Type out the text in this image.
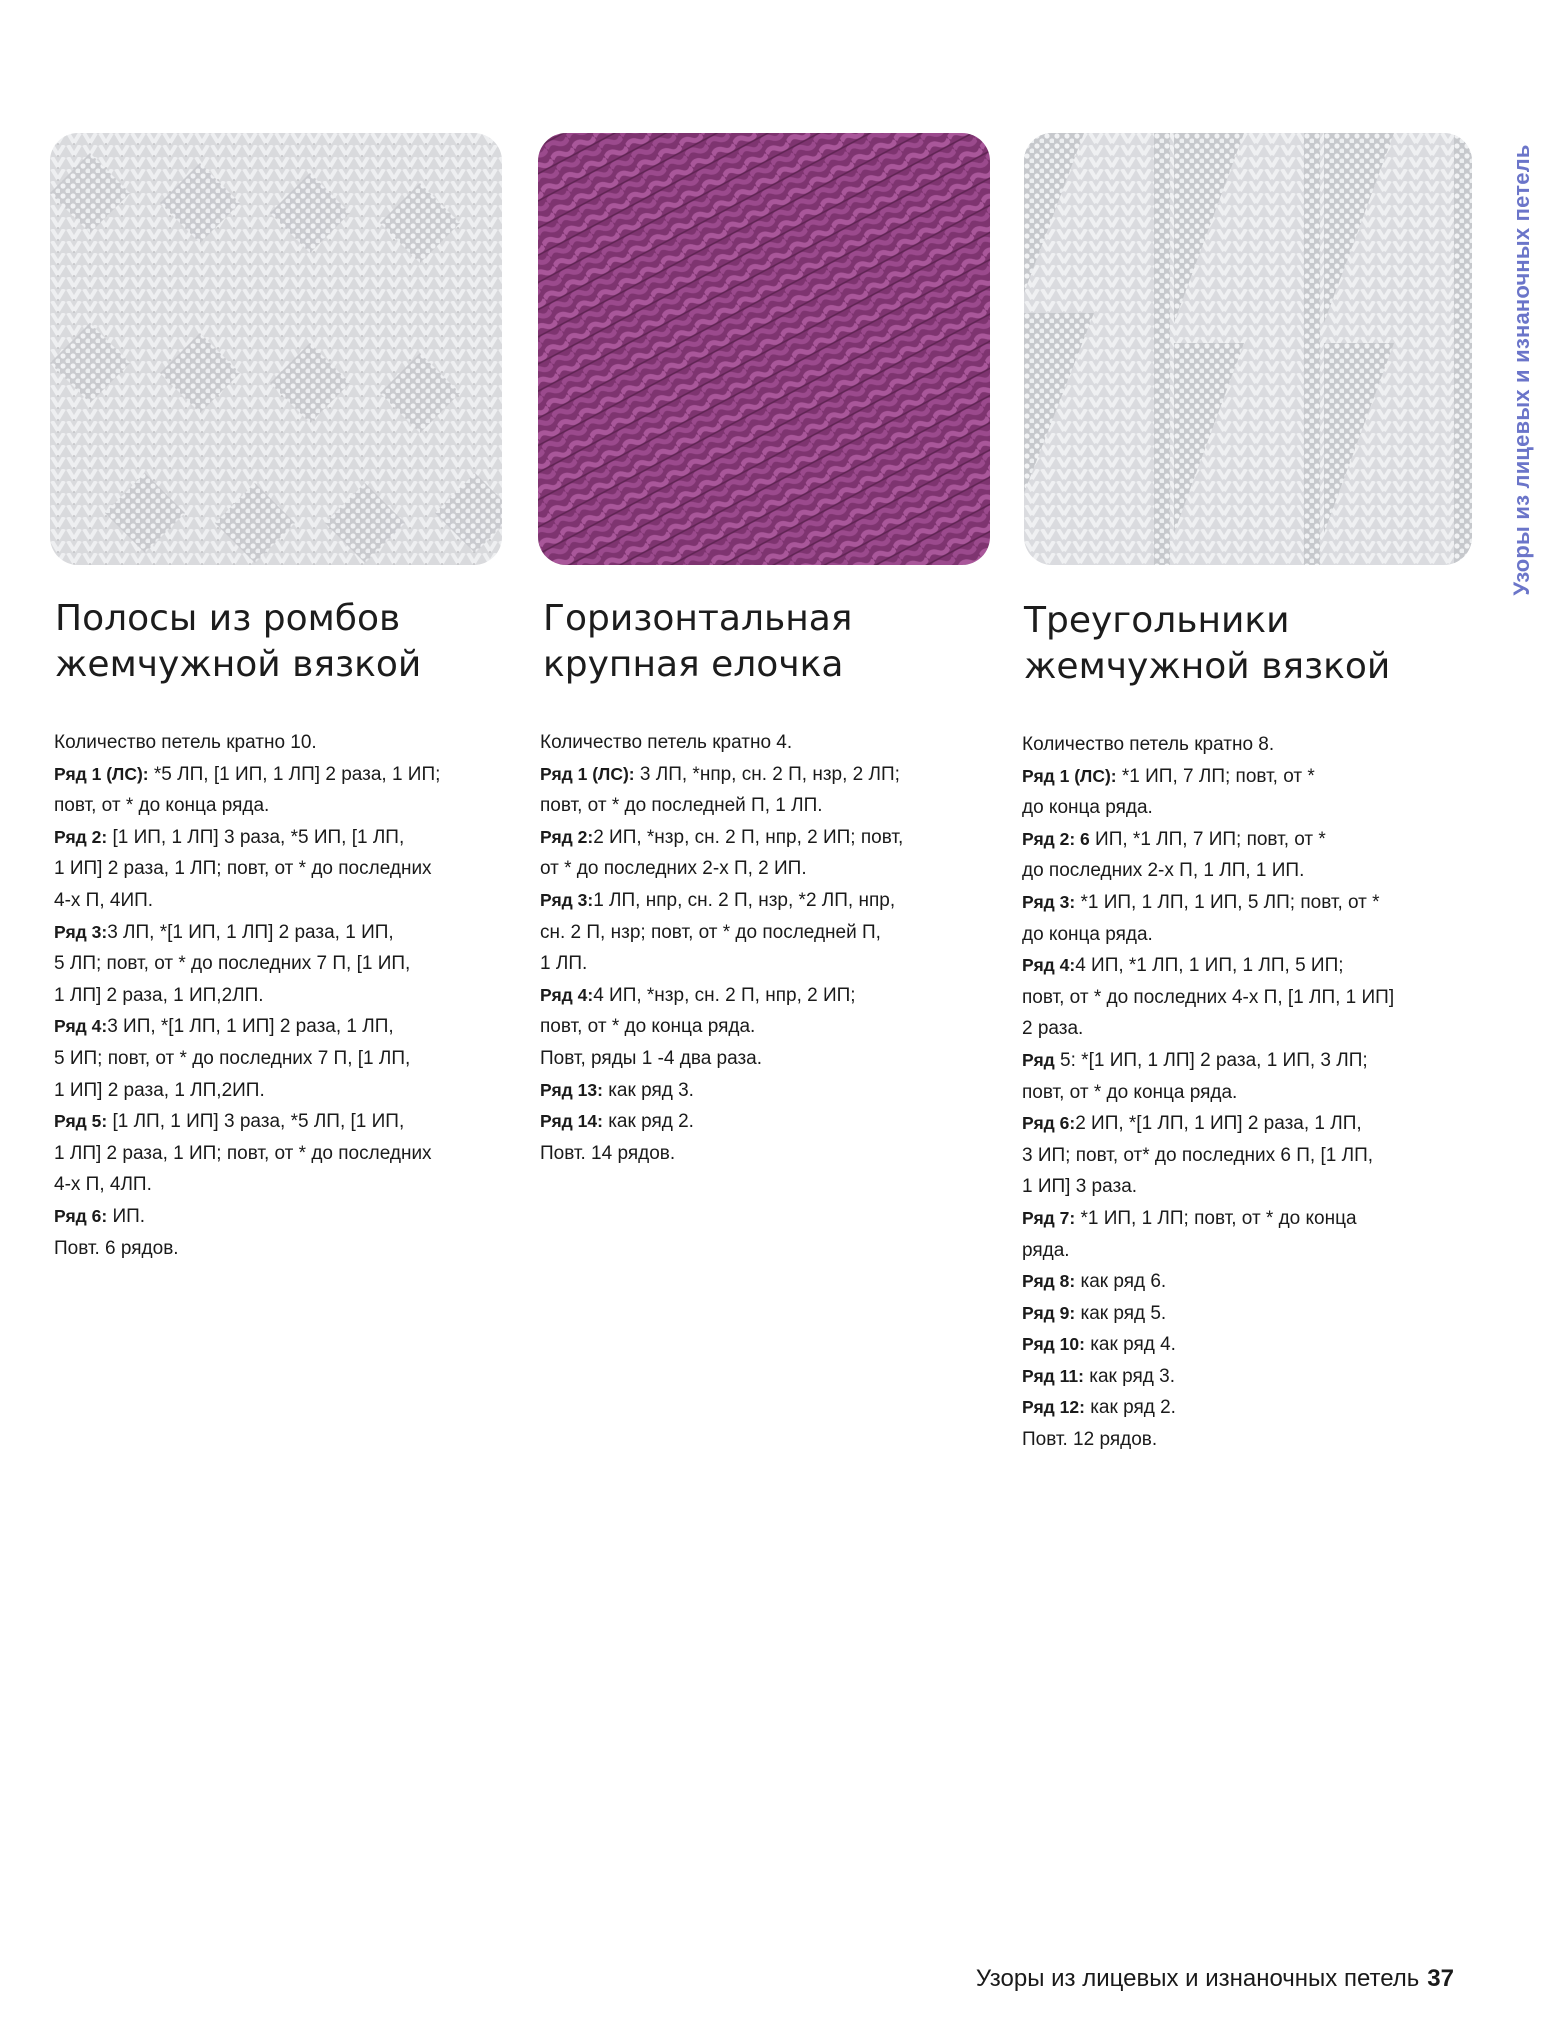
Полосы из ромбов
жемчужной вязкой
Количество петель кратно 10.
Ряд 1 (ЛС): *5 ЛП, [1 ИП, 1 ЛП] 2 раза, 1 ИП;
повт, от * до конца ряда.
Ряд 2: [1 ИП, 1 ЛП] 3 раза, *5 ИП, [1 ЛП,
1 ИП] 2 раза, 1 ЛП; повт, от * до последних
4-х П, 4ИП.
Ряд 3:3 ЛП, *[1 ИП, 1 ЛП] 2 раза, 1 ИП,
5 ЛП; повт, от * до последних 7 П, [1 ИП,
1 ЛП] 2 раза, 1 ИП,2ЛП.
Ряд 4:3 ИП, *[1 ЛП, 1 ИП] 2 раза, 1 ЛП,
5 ИП; повт, от * до последних 7 П, [1 ЛП,
1 ИП] 2 раза, 1 ЛП,2ИП.
Ряд 5: [1 ЛП, 1 ИП] 3 раза, *5 ЛП, [1 ИП,
1 ЛП] 2 раза, 1 ИП; повт, от * до последних
4-х П, 4ЛП.
Ряд 6: ИП.
Повт. 6 рядов.
Горизонтальная
крупная елочка
Количество петель кратно 4.
Ряд 1 (ЛС): 3 ЛП, *нпр, сн. 2 П, нзр, 2 ЛП;
повт, от * до последней П, 1 ЛП.
Ряд 2:2 ИП, *нзр, сн. 2 П, нпр, 2 ИП; повт,
от * до последних 2-х П, 2 ИП.
Ряд 3:1 ЛП, нпр, сн. 2 П, нзр, *2 ЛП, нпр,
сн. 2 П, нзр; повт, от * до последней П,
1 ЛП.
Ряд 4:4 ИП, *нзр, сн. 2 П, нпр, 2 ИП;
повт, от * до конца ряда.
Повт, ряды 1 -4 два раза.
Ряд 13: как ряд 3.
Ряд 14: как ряд 2.
Повт. 14 рядов.
Треугольники
жемчужной вязкой
Количество петель кратно 8.
Ряд 1 (ЛС): *1 ИП, 7 ЛП; повт, от *
до конца ряда.
Ряд 2: 6 ИП, *1 ЛП, 7 ИП; повт, от *
до последних 2-х П, 1 ЛП, 1 ИП.
Ряд 3: *1 ИП, 1 ЛП, 1 ИП, 5 ЛП; повт, от *
до конца ряда.
Ряд 4:4 ИП, *1 ЛП, 1 ИП, 1 ЛП, 5 ИП;
повт, от * до последних 4-х П, [1 ЛП, 1 ИП]
2 раза.
Ряд 5: *[1 ИП, 1 ЛП] 2 раза, 1 ИП, 3 ЛП;
повт, от * до конца ряда.
Ряд 6:2 ИП, *[1 ЛП, 1 ИП] 2 раза, 1 ЛП,
3 ИП; повт, от* до последних 6 П, [1 ЛП,
1 ИП] 3 раза.
Ряд 7: *1 ИП, 1 ЛП; повт, от * до конца
ряда.
Ряд 8: как ряд 6.
Ряд 9: как ряд 5.
Ряд 10: как ряд 4.
Ряд 11: как ряд 3.
Ряд 12: как ряд 2.
Повт. 12 рядов.
Узоры из лицевых и изнаночных петель
Узоры из лицевых и изнаночных петель 37
